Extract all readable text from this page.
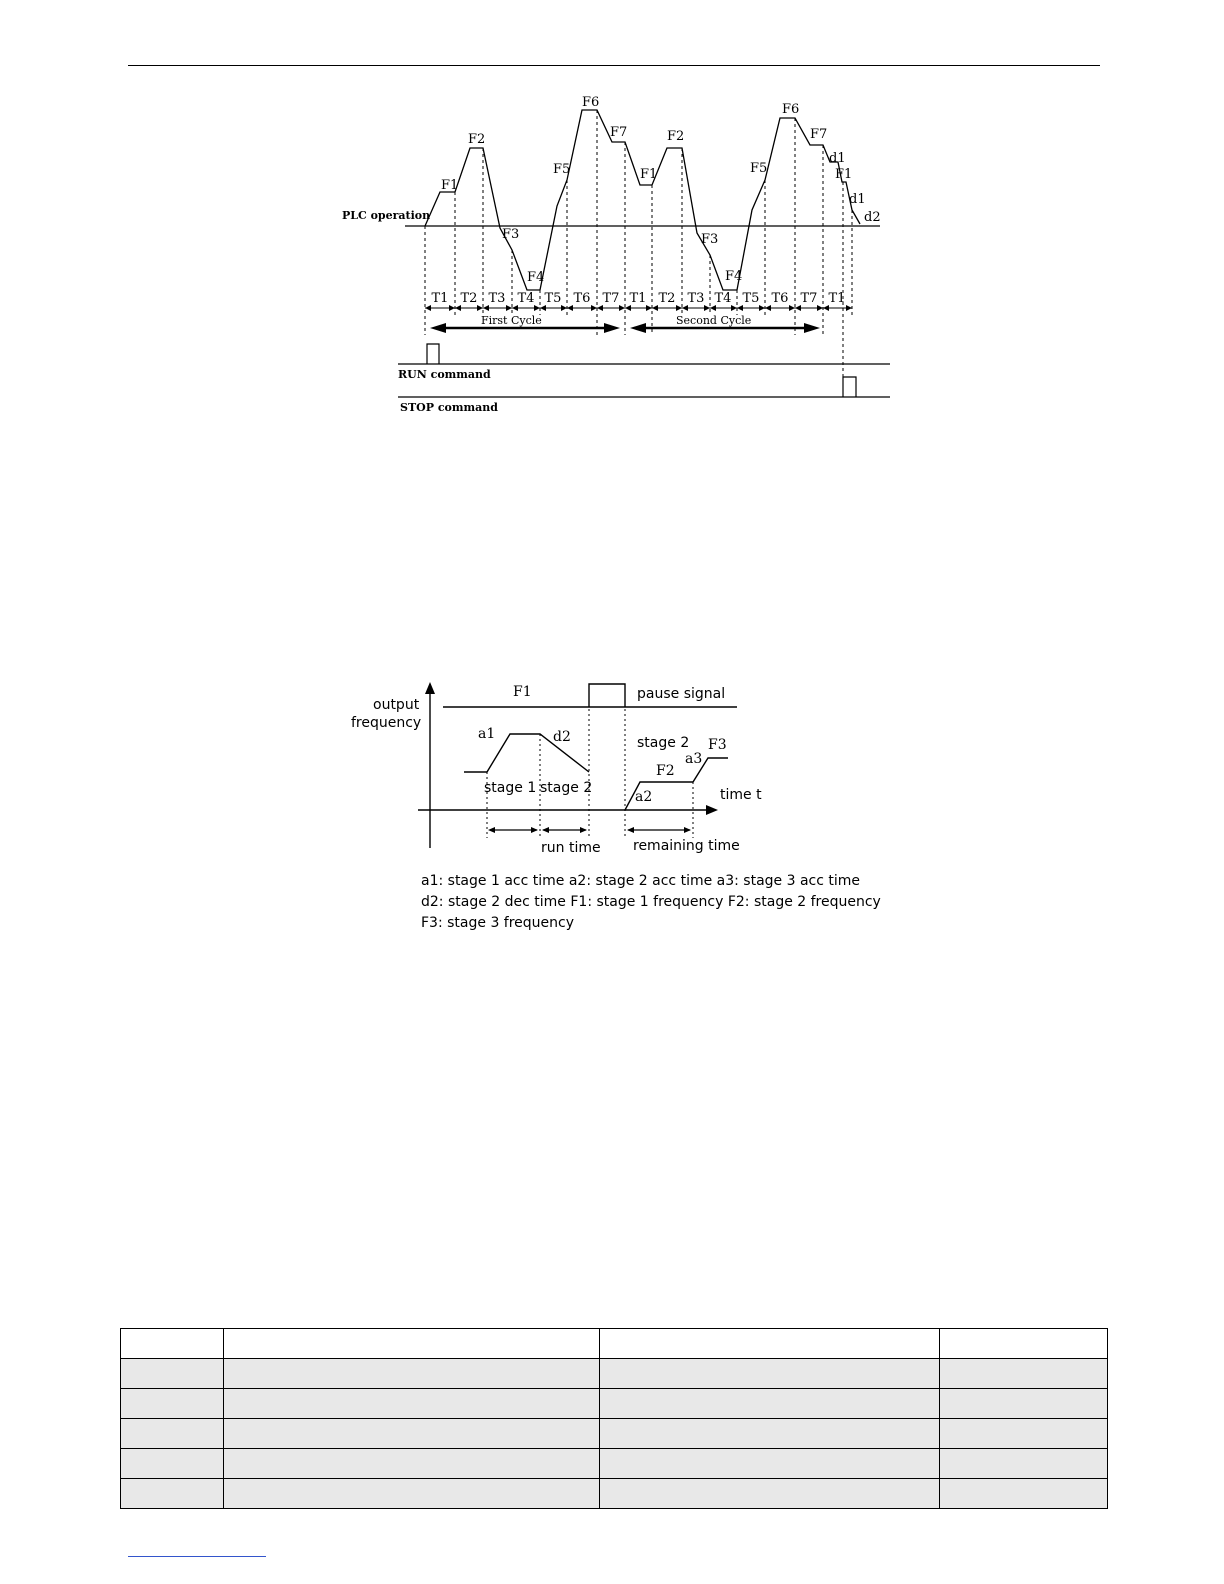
PLC operation
F1
F2
F3
F4
F5
F6
F7
F1
F2
F3
F4
F5
F6
F7
d1
F1
d1
d2
T1 T2 T3 T4 T5 T6 T7 T1 T2 T3 T4 T5 T6 T7 T1
First Cycle	Second Cycle
RUN command
STOP command
output
frequency
F1	pause signal
a1	d2	stage 2 F3
a3
F2
stage 1 stage 2	time t
a2
run time remaining time
a1: stage 1 acc time a2: stage 2 acc time a3: stage 3 acc time
d2: stage 2 dec time F1: stage 1 frequency F2: stage 2 frequency
F3: stage 3 frequency
